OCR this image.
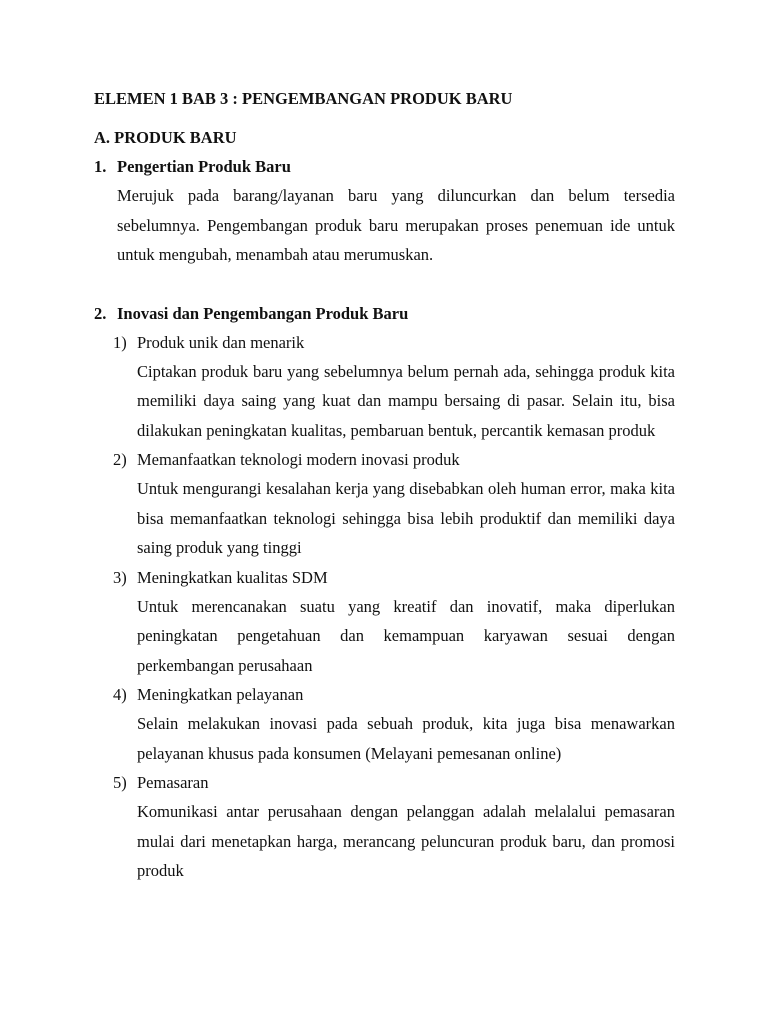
ELEMEN 1 BAB 3 : PENGEMBANGAN PRODUK BARU
A. PRODUK BARU
1. Pengertian Produk Baru

Merujuk pada barang/layanan baru yang diluncurkan dan belum tersedia sebelumnya. Pengembangan produk baru merupakan proses penemuan ide untuk untuk mengubah, menambah atau merumuskan.

2. Inovasi dan Pengembangan Produk Baru
1) Produk unik dan menarik

Ciptakan produk baru yang sebelumnya belum pernah ada, sehingga produk kita memiliki daya saing yang kuat dan mampu bersaing di pasar. Selain itu, bisa dilakukan peningkatan kualitas, pembaruan bentuk, percantik kemasan produk

2) Memanfaatkan teknologi modern inovasi produk

Untuk mengurangi kesalahan kerja yang disebabkan oleh human error, maka kita bisa memanfaatkan teknologi sehingga bisa lebih produktif dan memiliki daya saing produk yang tinggi

3) Meningkatkan kualitas SDM

Untuk merencanakan suatu yang kreatif dan inovatif, maka diperlukan peningkatan pengetahuan dan kemampuan karyawan sesuai dengan perkembangan perusahaan

4) Meningkatkan pelayanan

Selain melakukan inovasi pada sebuah produk, kita juga bisa menawarkan pelayanan khusus pada konsumen (Melayani pemesanan online)

5) Pemasaran

Komunikasi antar perusahaan dengan pelanggan adalah melalalui pemasaran mulai dari menetapkan harga, merancang peluncuran produk baru, dan promosi produk
